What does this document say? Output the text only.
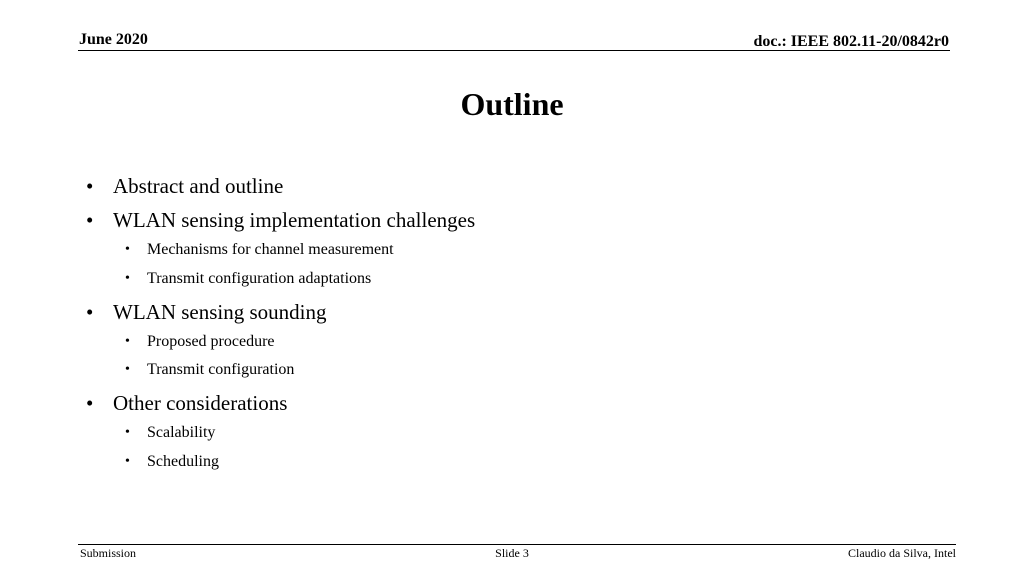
June 2020	doc.: IEEE 802.11-20/0842r0
Outline
• Abstract and outline
• WLAN sensing implementation challenges
• Mechanisms for channel measurement
• Transmit configuration adaptations
• WLAN sensing sounding
• Proposed procedure
• Transmit configuration
• Other considerations
• Scalability
• Scheduling
Submission	Slide 3	Claudio da Silva, Intel
